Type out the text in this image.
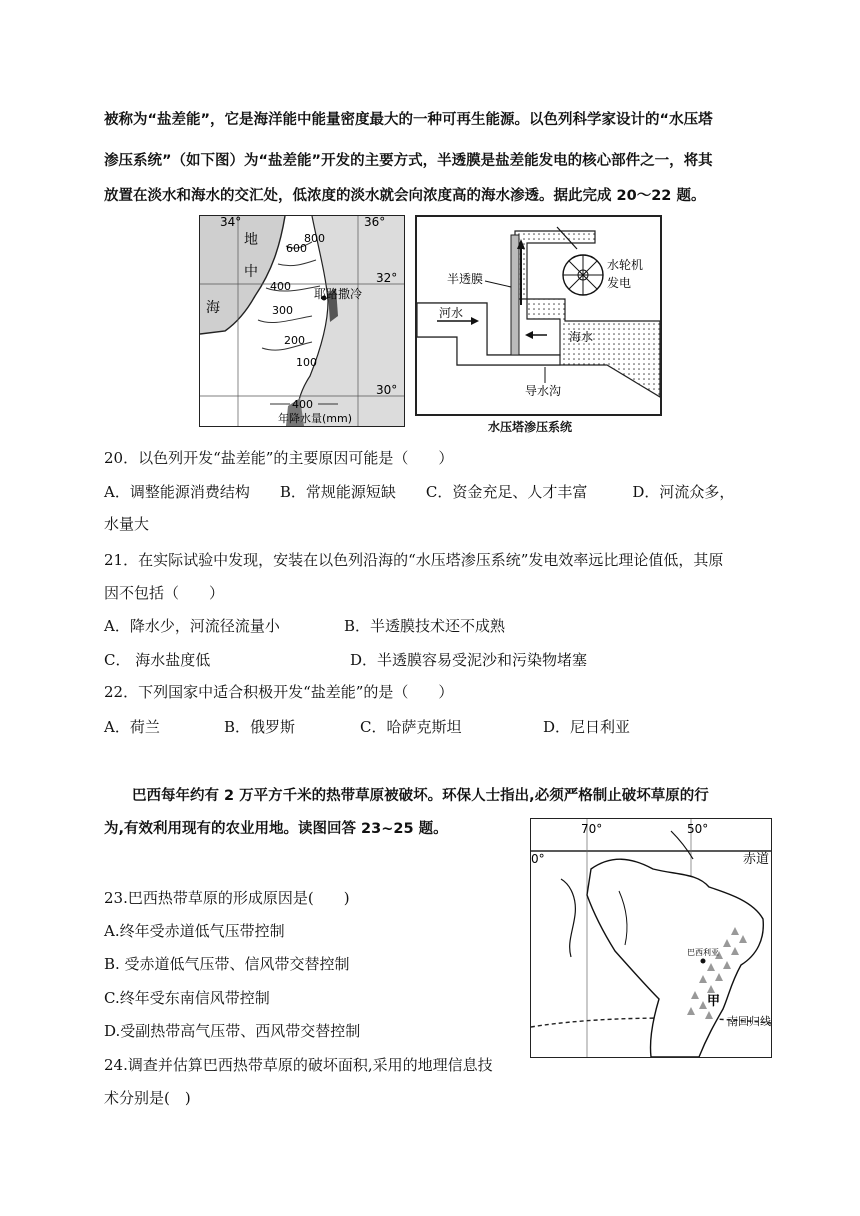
被称为“盐差能”，它是海洋能中能量密度最大的一种可再生能源。以色列科学家设计的“水压塔

渗压系统”（如下图）为“盐差能”开发的主要方式，半透膜是盐差能发电的核心部件之一，将其

放置在淡水和海水的交汇处，低浓度的淡水就会向浓度高的海水渗透。据此完成 20～22 题。

34°	36°
32°
30°
地
中
海
600
800
400
300
200
100
耶路撒冷
400
年降水量(mm)
半透膜
水轮机
发电
河水
海水
导水沟
水压塔渗压系统

20．以色列开发“盐差能”的主要原因可能是（　　）

A．调整能源消费结构　　B．常规能源短缺　　C．资金充足、人才丰富　　　D．河流众多，

水量大

21．在实际试验中发现，安装在以色列沿海的“水压塔渗压系统”发电效率远比理论值低，其原

因不包括（　　）

A．降水少，河流径流量小	B．半透膜技术还不成熟

C． 海水盐度低	D．半透膜容易受泥沙和污染物堵塞

22．下列国家中适合积极开发“盐差能”的是（　　）

A．荷兰	B．俄罗斯	C．哈萨克斯坦	D．尼日利亚

巴西每年约有 2 万平方千米的热带草原被破坏。环保人士指出,必须严格制止破坏草原的行

为,有效利用现有的农业用地。读图回答 23~25 题。	70°	50°
0°	赤道
巴西利亚
甲
南回归线

23.巴西热带草原的形成原因是(　　)

A.终年受赤道低气压带控制

B. 受赤道低气压带、信风带交替控制

C.终年受东南信风带控制

D.受副热带高气压带、西风带交替控制

24.调查并估算巴西热带草原的破坏面积,采用的地理信息技

术分别是(　)
